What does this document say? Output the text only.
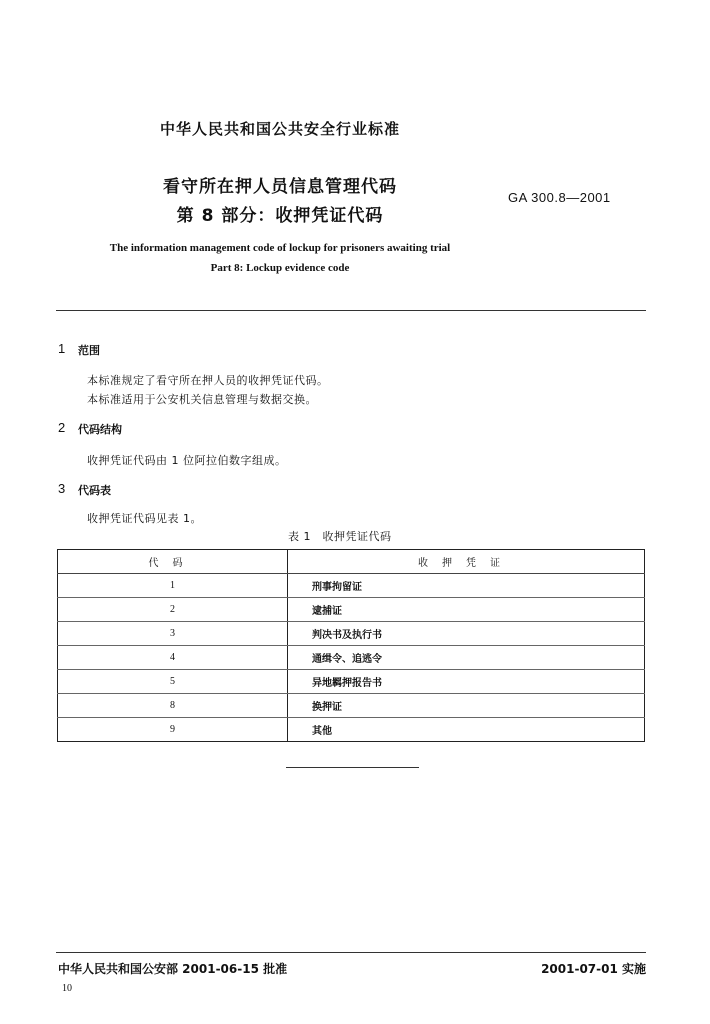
中华人民共和国公共安全行业标准
看守所在押人员信息管理代码
第 8 部分：收押凭证代码
GA 300.8—2001
The information management code of lockup for prisoners awaiting trial
Part 8: Lockup evidence code
1 范围
本标准规定了看守所在押人员的收押凭证代码。
本标准适用于公安机关信息管理与数据交换。
2 代码结构
收押凭证代码由 1 位阿拉伯数字组成。
3 代码表
收押凭证代码见表 1。
表 1　收押凭证代码
代码	收押凭证
1	刑事拘留证
2	逮捕证
3	判决书及执行书
4	通缉令、追逃令
5	异地羁押报告书
8	换押证
9	其他
中华人民共和国公安部 2001-06-15 批准	2001-07-01 实施
10
